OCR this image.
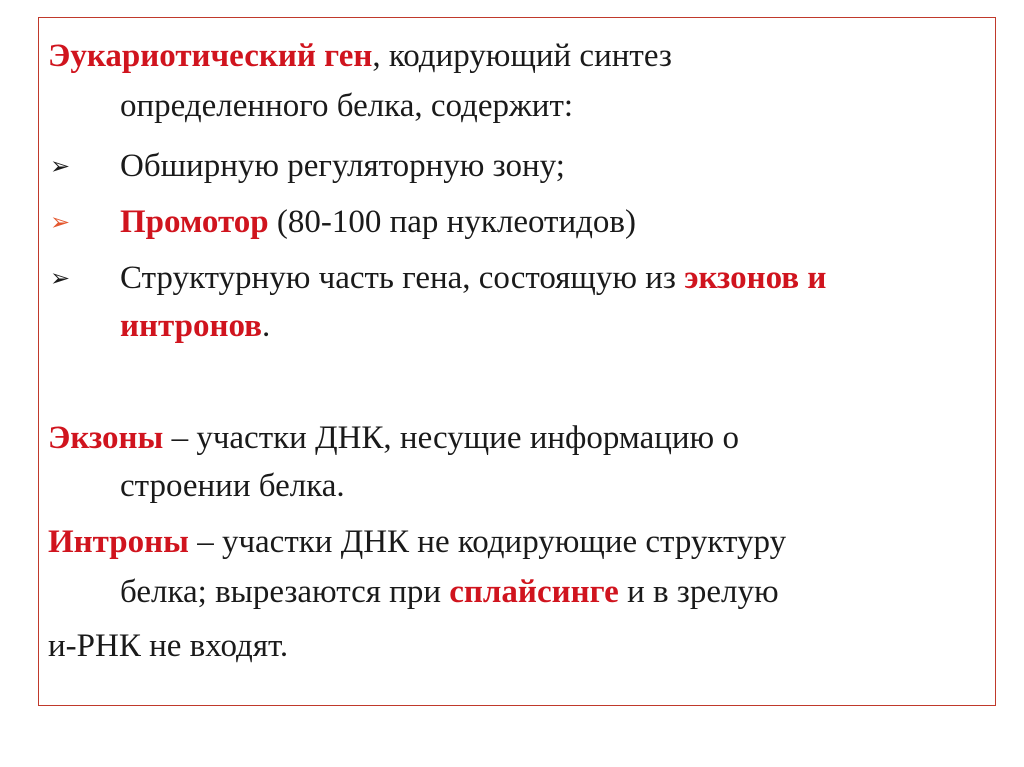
Эукариотический ген, кодирующий синтез
определенного белка, содержит:
➢ Обширную регуляторную зону;
➢ Промотор (80-100 пар нуклеотидов)
➢ Структурную часть гена, состоящую из экзонов и
интронов.
Экзоны – участки ДНК, несущие информацию о
строении белка.
Интроны – участки ДНК не кодирующие структуру
белка; вырезаются при сплайсинге и в зрелую
и-РНК не входят.
